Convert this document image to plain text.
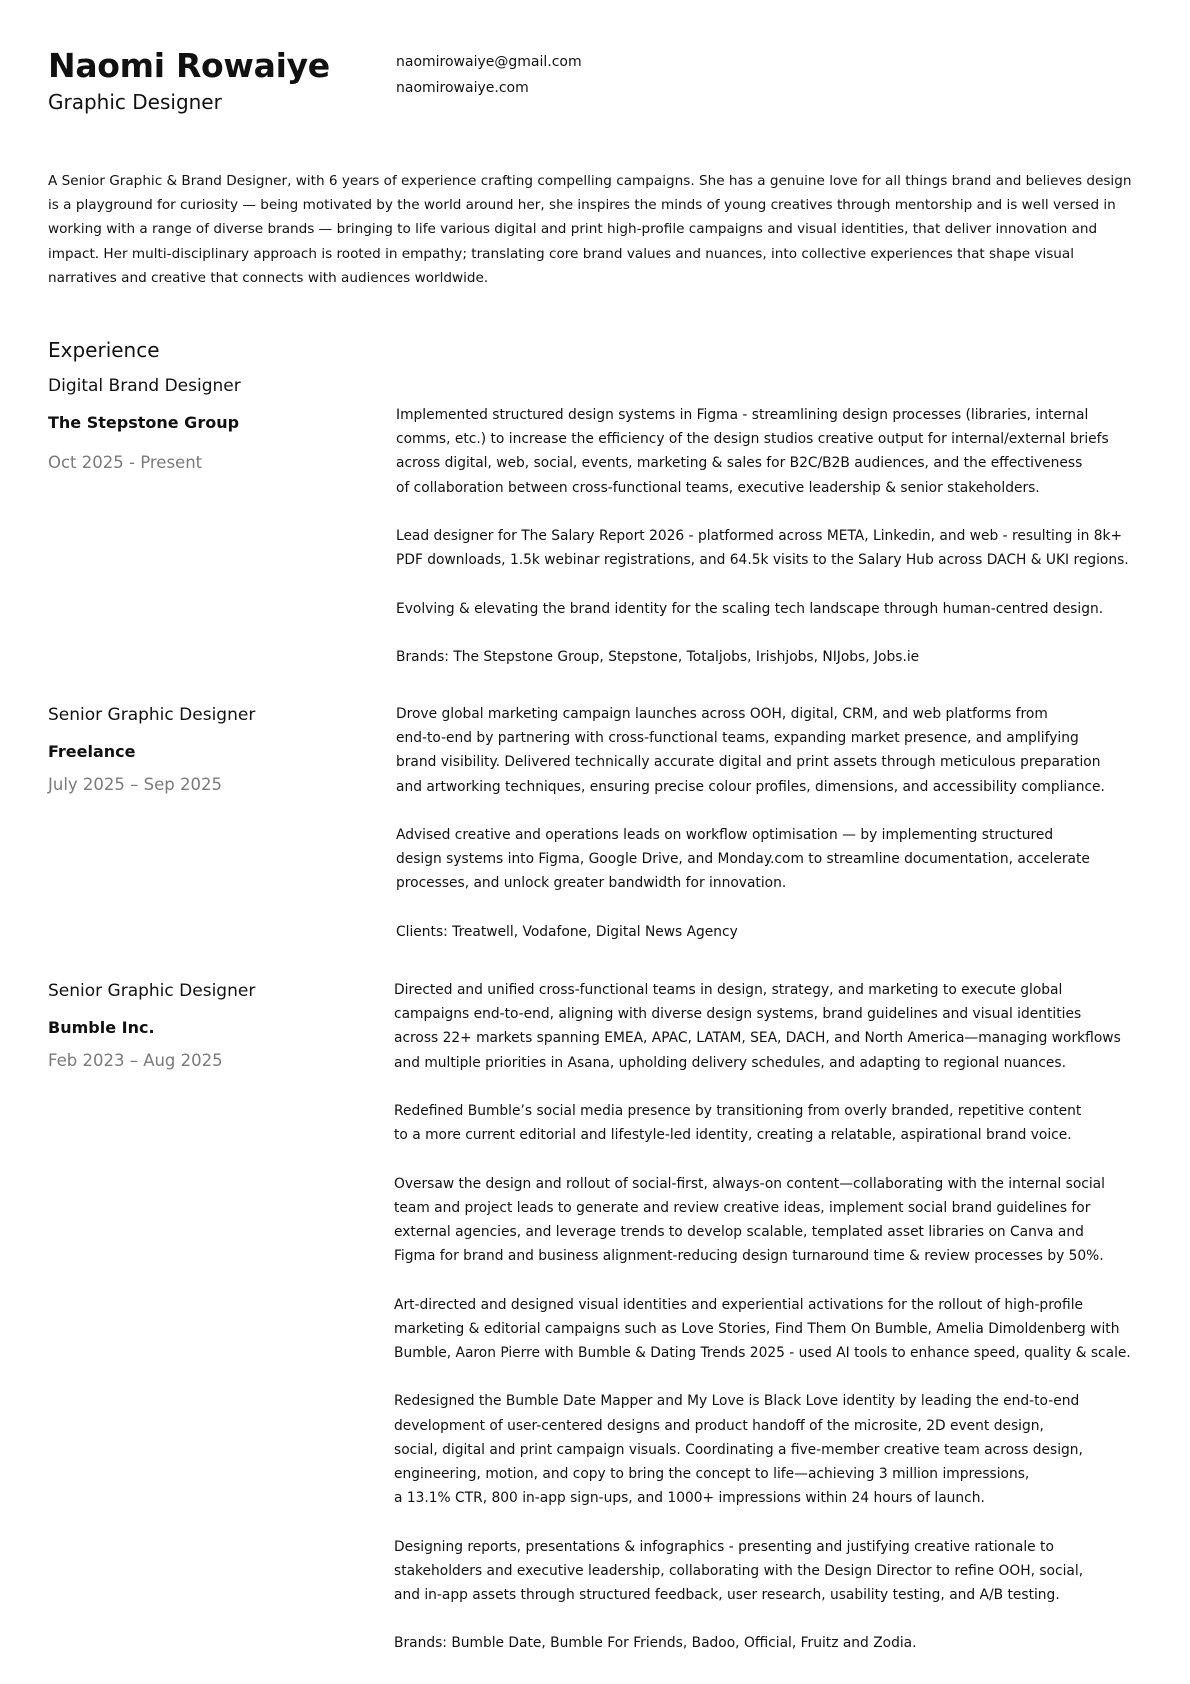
Naomi Rowaiye
Graphic Designer
naomirowaiye@gmail.com
naomirowaiye.com

A Senior Graphic & Brand Designer, with 6 years of experience crafting compelling campaigns. She has a genuine love for all things brand and believes design is a playground for curiosity — being motivated by the world around her, she inspires the minds of young creatives through mentorship and is well versed in working with a range of diverse brands — bringing to life various digital and print high-profile campaigns and visual identities, that deliver innovation and impact. Her multi-disciplinary approach is rooted in empathy; translating core brand values and nuances, into collective experiences that shape visual narratives and creative that connects with audiences worldwide.

Experience
Digital Brand Designer
The Stepstone Group
Oct 2025 - Present

Implemented structured design systems in Figma - streamlining design processes (libraries, internal
comms, etc.) to increase the efficiency of the design studios creative output for internal/external briefs
across digital, web, social, events, marketing & sales for B2C/B2B audiences, and the effectiveness
of collaboration between cross-functional teams, executive leadership & senior stakeholders.

Lead designer for The Salary Report 2026 - platformed across META, Linkedin, and web - resulting in 8k+
PDF downloads, 1.5k webinar registrations, and 64.5k visits to the Salary Hub across DACH & UKI regions.

Evolving & elevating the brand identity for the scaling tech landscape through human-centred design.

Brands: The Stepstone Group, Stepstone, Totaljobs, Irishjobs, NIJobs, Jobs.ie

Senior Graphic Designer
Freelance
July 2025 – Sep 2025

Drove global marketing campaign launches across OOH, digital, CRM, and web platforms from
end-to-end by partnering with cross-functional teams, expanding market presence, and amplifying
brand visibility. Delivered technically accurate digital and print assets through meticulous preparation
and artworking techniques, ensuring precise colour profiles, dimensions, and accessibility compliance.

Advised creative and operations leads on workflow optimisation — by implementing structured
design systems into Figma, Google Drive, and Monday.com to streamline documentation, accelerate
processes, and unlock greater bandwidth for innovation.

Clients: Treatwell, Vodafone, Digital News Agency

Senior Graphic Designer
Bumble Inc.
Feb 2023 – Aug 2025

Directed and unified cross-functional teams in design, strategy, and marketing to execute global
campaigns end-to-end, aligning with diverse design systems, brand guidelines and visual identities
across 22+ markets spanning EMEA, APAC, LATAM, SEA, DACH, and North America—managing workflows
and multiple priorities in Asana, upholding delivery schedules, and adapting to regional nuances.

Redefined Bumble’s social media presence by transitioning from overly branded, repetitive content
to a more current editorial and lifestyle-led identity, creating a relatable, aspirational brand voice.

Oversaw the design and rollout of social-first, always-on content—collaborating with the internal social
team and project leads to generate and review creative ideas, implement social brand guidelines for
external agencies, and leverage trends to develop scalable, templated asset libraries on Canva and
Figma for brand and business alignment-reducing design turnaround time & review processes by 50%.

Art-directed and designed visual identities and experiential activations for the rollout of high-profile
marketing & editorial campaigns such as Love Stories, Find Them On Bumble, Amelia Dimoldenberg with
Bumble, Aaron Pierre with Bumble & Dating Trends 2025 - used AI tools to enhance speed, quality & scale.

Redesigned the Bumble Date Mapper and My Love is Black Love identity by leading the end-to-end
development of user-centered designs and product handoff of the microsite, 2D event design,
social, digital and print campaign visuals. Coordinating a five-member creative team across design,
engineering, motion, and copy to bring the concept to life—achieving 3 million impressions,
a 13.1% CTR, 800 in-app sign-ups, and 1000+ impressions within 24 hours of launch.

Designing reports, presentations & infographics - presenting and justifying creative rationale to
stakeholders and executive leadership, collaborating with the Design Director to refine OOH, social,
and in-app assets through structured feedback, user research, usability testing, and A/B testing.

Brands: Bumble Date, Bumble For Friends, Badoo, Official, Fruitz and Zodia.
